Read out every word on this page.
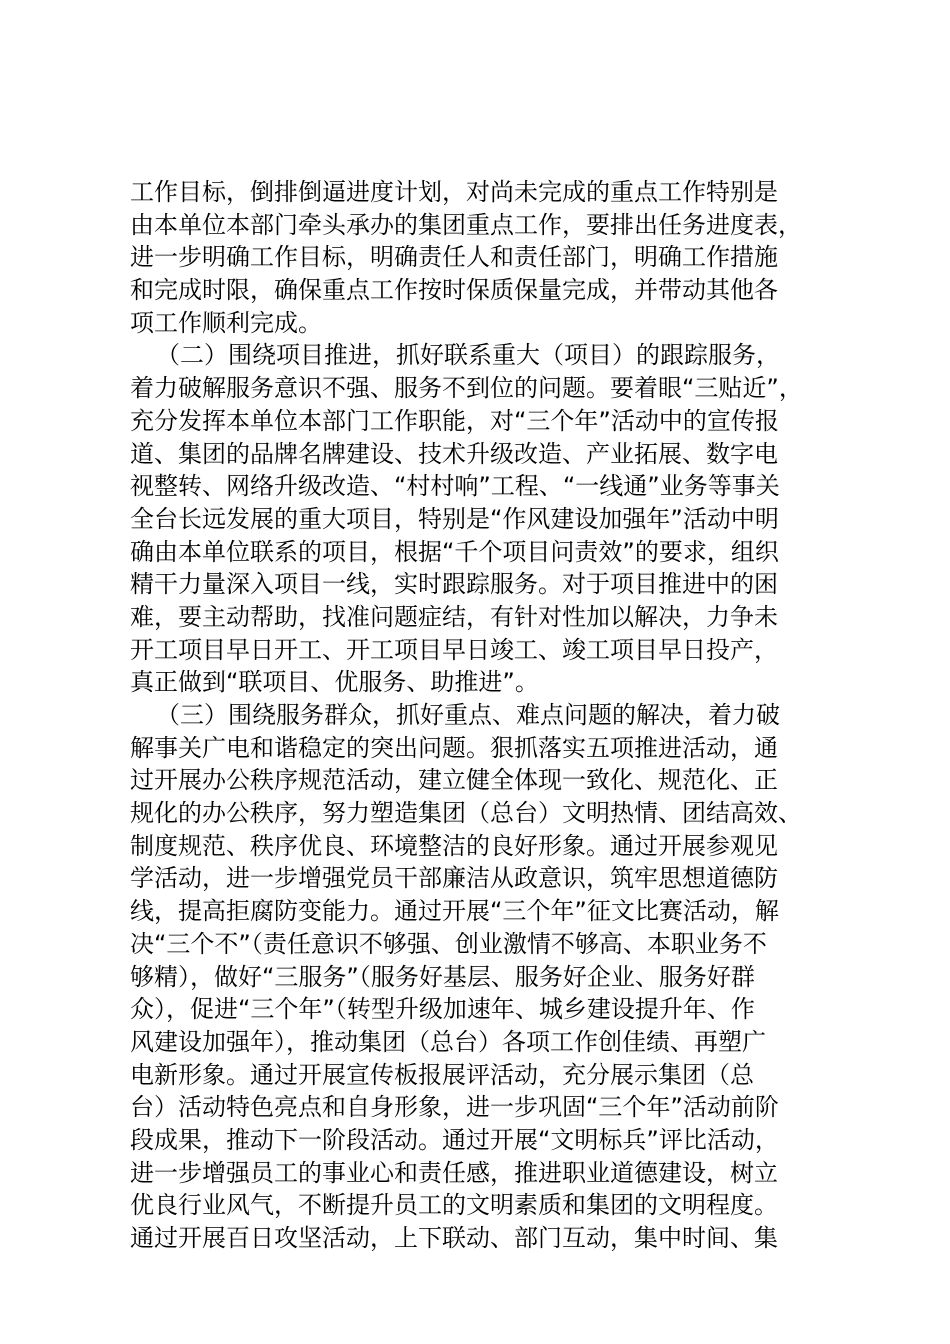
工作目标，倒排倒逼进度计划，对尚未完成的重点工作特别是
由本单位本部门牵头承办的集团重点工作，要排出任务进度表，
进一步明确工作目标，明确责任人和责任部门，明确工作措施
和完成时限，确保重点工作按时保质保量完成，并带动其他各
项工作顺利完成。
（二）围绕项目推进，抓好联系重大（项目）的跟踪服务，
着力破解服务意识不强、服务不到位的问题。要着眼“三贴近”，
充分发挥本单位本部门工作职能，对“三个年”活动中的宣传报
道、集团的品牌名牌建设、技术升级改造、产业拓展、数字电
视整转、网络升级改造、“村村响”工程、“一线通”业务等事关
全台长远发展的重大项目，特别是“作风建设加强年”活动中明
确由本单位联系的项目，根据“千个项目问责效”的要求，组织
精干力量深入项目一线，实时跟踪服务。对于项目推进中的困
难，要主动帮助，找准问题症结，有针对性加以解决，力争未
开工项目早日开工、开工项目早日竣工、竣工项目早日投产，
真正做到“联项目、优服务、助推进”。
（三）围绕服务群众，抓好重点、难点问题的解决，着力破
解事关广电和谐稳定的突出问题。狠抓落实五项推进活动，通
过开展办公秩序规范活动，建立健全体现一致化、规范化、正
规化的办公秩序，努力塑造集团（总台）文明热情、团结高效、
制度规范、秩序优良、环境整洁的良好形象。通过开展参观见
学活动，进一步增强党员干部廉洁从政意识，筑牢思想道德防
线，提高拒腐防变能力。通过开展“三个年”征文比赛活动，解
决“三个不”（责任意识不够强、创业激情不够高、本职业务不
够精），做好“三服务”（服务好基层、服务好企业、服务好群
众），促进“三个年”（转型升级加速年、城乡建设提升年、作
风建设加强年），推动集团（总台）各项工作创佳绩、再塑广
电新形象。通过开展宣传板报展评活动，充分展示集团（总
台）活动特色亮点和自身形象，进一步巩固“三个年”活动前阶
段成果，推动下一阶段活动。通过开展“文明标兵”评比活动，
进一步增强员工的事业心和责任感，推进职业道德建设，树立
优良行业风气，不断提升员工的文明素质和集团的文明程度。
通过开展百日攻坚活动，上下联动、部门互动，集中时间、集
